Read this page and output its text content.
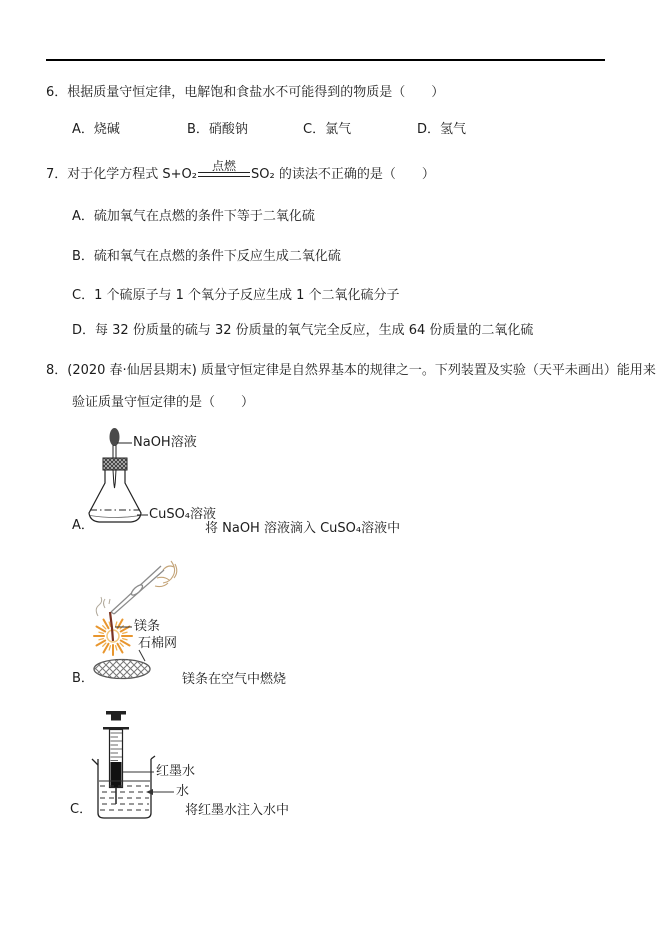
6．根据质量守恒定律，电解饱和食盐水不可能得到的物质是（　　）
A．烧碱	B．硝酸钠	C．氯气	D．氢气
7．对于化学方程式 S+O₂
点燃
SO₂ 的读法不正确的是（　　）
A．硫加氧气在点燃的条件下等于二氧化硫
B．硫和氧气在点燃的条件下反应生成二氧化硫
C．1 个硫原子与 1 个氧分子反应生成 1 个二氧化硫分子
D．每 32 份质量的硫与 32 份质量的氧气完全反应，生成 64 份质量的二氧化硫
8．(2020 春·仙居县期末) 质量守恒定律是自然界基本的规律之一。下列装置及实验（天平未画出）能用来
验证质量守恒定律的是（　　）
NaOH溶液
CuSO₄溶液
A．	将 NaOH 溶液滴入 CuSO₄溶液中
镁条
石棉网
B．	镁条在空气中燃烧
红墨水
水
C．	将红墨水注入水中
